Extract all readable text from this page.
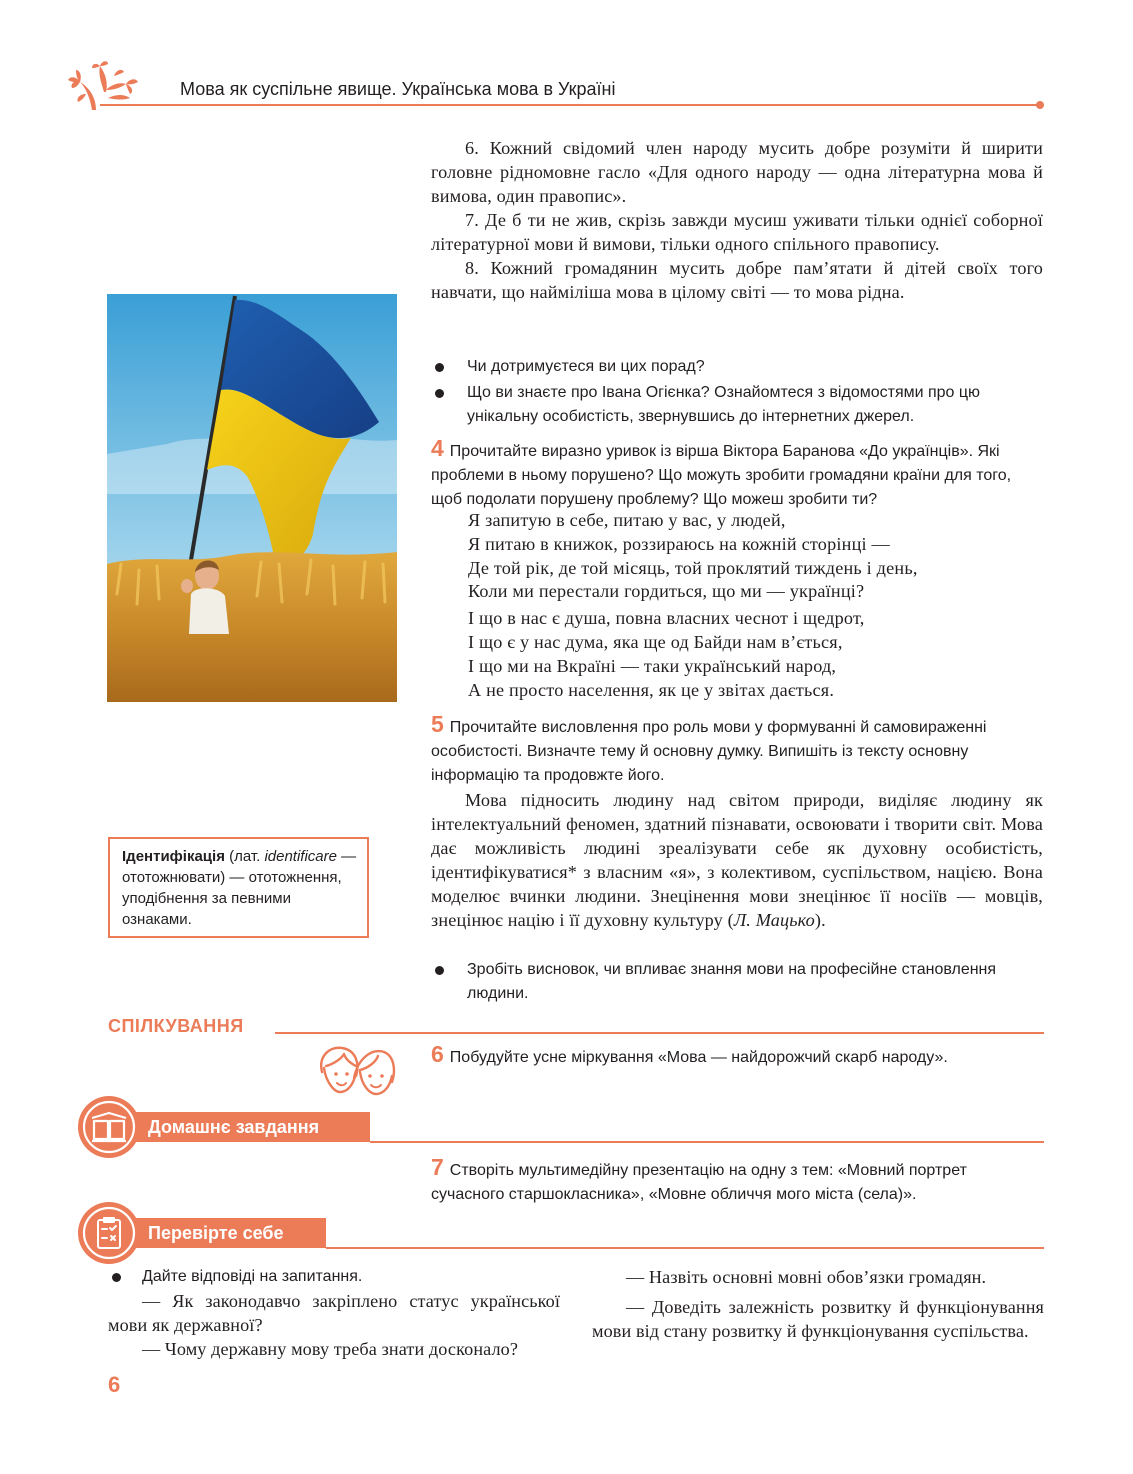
Мова як суспільне явище. Українська мова в Україні

6. Кожний свідомий член народу мусить добре розуміти й ширити головне рідномовне гасло «Для одного народу — одна літературна мова й вимова, один правопис».

7. Де б ти не жив, скрізь завжди мусиш уживати тільки однієї соборної літературної мови й вимови, тільки одного спільного правопису.

8. Кожний громадянин мусить добре пам’ятати й дітей своїх того навчати, що найміліша мова в цілому світі — то мова рідна.

Чи дотримуєтеся ви цих порад?
Що ви знаєте про Івана Огієнка? Ознайомтеся з відомостями про цю унікальну особистість, звернувшись до інтернетних джерел.
4 Прочитайте виразно уривок із вірша Віктора Баранова «До українців». Які проблеми в ньому порушено? Що можуть зробити громадяни країни для того, щоб подолати порушену проблему? Що можеш зробити ти?
Я запитую в себе, питаю у вас, у людей,
Я питаю в книжок, роззираюсь на кожній сторінці —
Де той рік, де той місяць, той проклятий тиждень і день,
Коли ми перестали гордиться, що ми — українці?
І що в нас є душа, повна власних чеснот і щедрот,
І що є у нас дума, яка ще од Байди нам в’ється,
І що ми на Вкраїні — таки український народ,
А не просто населення, як це у звітах дається.
5 Прочитайте висловлення про роль мови у формуванні й самовираженні особистості. Визначте тему й основну думку. Випишіть із тексту основну інформацію та продовжте його.

Мова підносить людину над світом природи, виділяє людину як інтелектуальний феномен, здатний пізнавати, освоювати і творити світ. Мова дає можливість людині зреалізувати себе як духовну особистість, ідентифікуватися* з власним «я», з колективом, суспільством, нацією. Вона моделює вчинки людини. Знецінення мови знецінює її носіїв — мовців, знецінює націю і її духовну культуру (Л. Мацько).

Зробіть висновок, чи впливає знання мови на професійне становлення людини.
Ідентифікація (лат. identificare — ототожнювати) — ототожнення, уподібнення за певними ознаками.
СПІЛКУВАННЯ
6 Побудуйте усне міркування «Мова — найдорожчий скарб народу».
Домашнє завдання
7 Створіть мультимедійну презентацію на одну з тем: «Мовний портрет сучасного старшокласника», «Мовне обличчя мого міста (села)».
Перевірте себе
Дайте відповіді на запитання.
— Як законодавчо закріплено статус української мови як державної?
— Чому державну мову треба знати досконало?
— Назвіть основні мовні обов’язки громадян.
— Доведіть залежність розвитку й функціонування мови від стану розвитку й функціонування суспільства.
6
